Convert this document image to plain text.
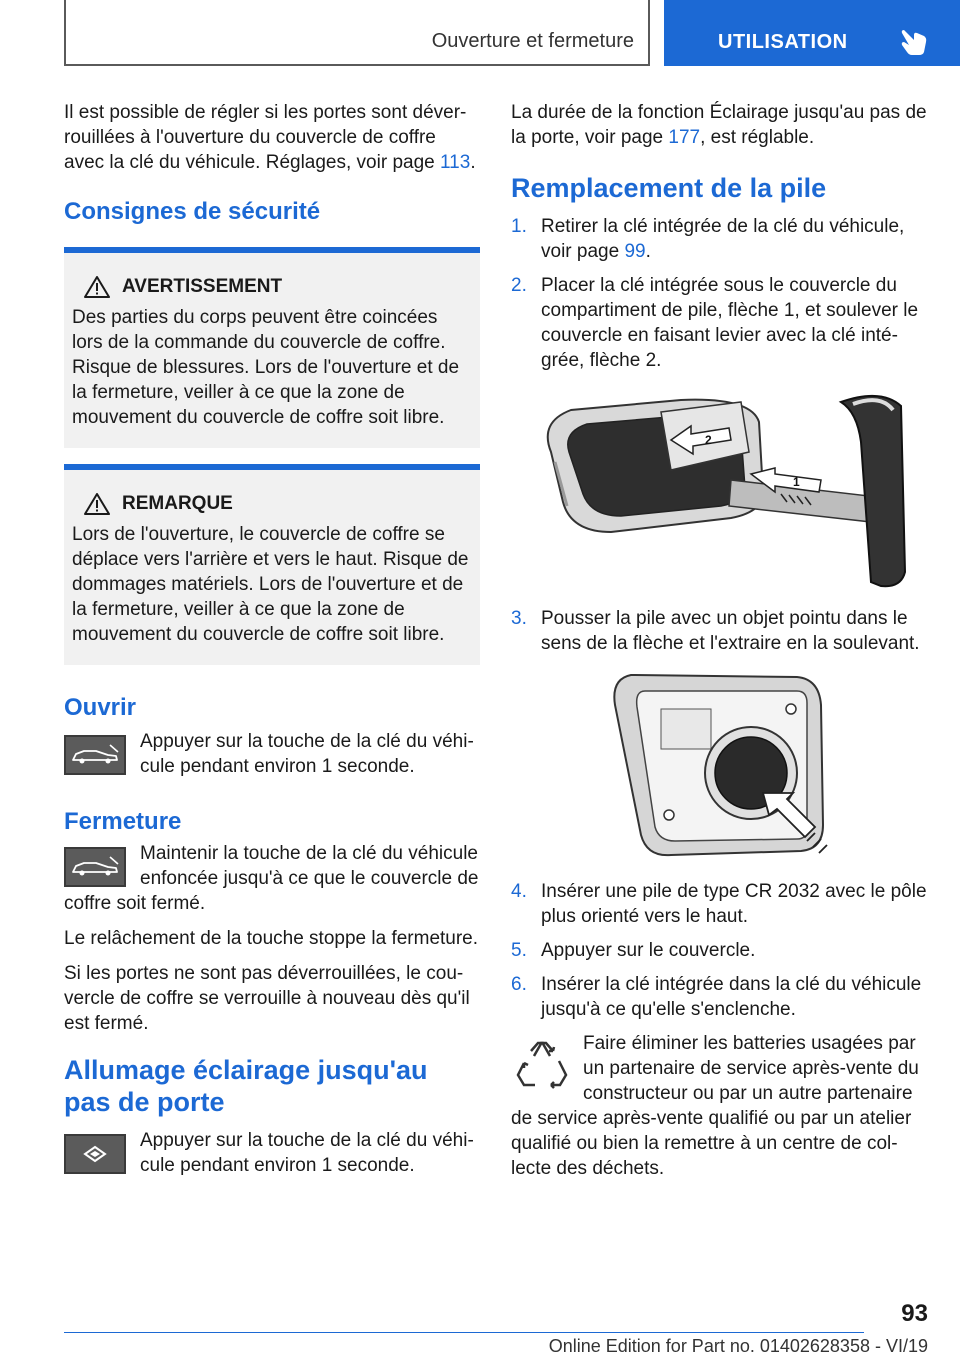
Ouverture et fermeture	UTILISATION

Il est possible de régler si les portes sont déverrouillées à l'ouverture du couvercle de coffre avec la clé du véhicule. Réglages, voir page 113.

Consignes de sécurité
AVERTISSEMENT

Des parties du corps peuvent être coincées lors de la commande du couvercle de coffre. Risque de blessures. Lors de l'ouverture et de la fermeture, veiller à ce que la zone de mouvement du couvercle de coffre soit libre.

REMARQUE

Lors de l'ouverture, le couvercle de coffre se déplace vers l'arrière et vers le haut. Risque de dommages matériels. Lors de l'ouverture et de la fermeture, veiller à ce que la zone de mouvement du couvercle de coffre soit libre.

Ouvrir

Appuyer sur la touche de la clé du véhicule pendant environ 1 seconde.

Fermeture

Maintenir la touche de la clé du véhicule enfoncée jusqu'à ce que le couvercle de coffre soit fermé.

Le relâchement de la touche stoppe la fermeture.

Si les portes ne sont pas déverrouillées, le couvercle de coffre se verrouille à nouveau dès qu'il est fermé.

Allumage éclairage jusqu'au pas de porte

Appuyer sur la touche de la clé du véhicule pendant environ 1 seconde.

La durée de la fonction Éclairage jusqu'au pas de la porte, voir page 177, est réglable.

Remplacement de la pile
1. Retirer la clé intégrée de la clé du véhicule, voir page 99.
2. Placer la clé intégrée sous le couvercle du compartiment de pile, flèche 1, et soulever le couvercle en faisant levier avec la clé intégrée, flèche 2.
2
1
3. Pousser la pile avec un objet pointu dans le sens de la flèche et l'extraire en la soulevant.
4. Insérer une pile de type CR 2032 avec le pôle plus orienté vers le haut.
5. Appuyer sur le couvercle.
6. Insérer la clé intégrée dans la clé du véhicule jusqu'à ce qu'elle s'enclenche.

Faire éliminer les batteries usagées par un partenaire de service après-vente du constructeur ou par un autre partenaire de service après-vente qualifié ou par un atelier qualifié ou bien la remettre à un centre de collecte des déchets.

93
Online Edition for Part no. 01402628358 - VI/19
